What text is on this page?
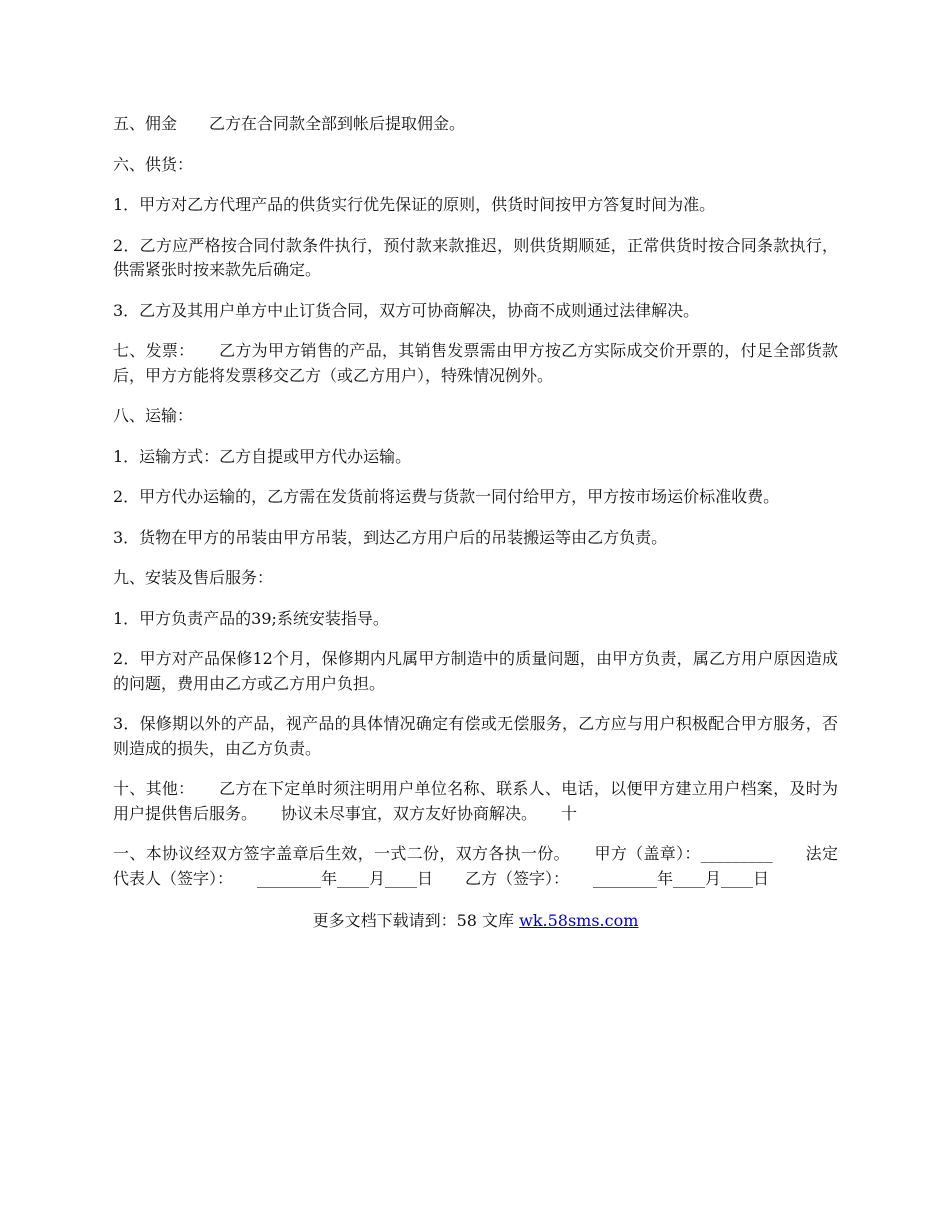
五、佣金　　乙方在合同款全部到帐后提取佣金。

六、供货：

1．甲方对乙方代理产品的供货实行优先保证的原则，供货时间按甲方答复时间为准。

2．乙方应严格按合同付款条件执行，预付款来款推迟，则供货期顺延，正常供货时按合同条款执行，供需紧张时按来款先后确定。

3．乙方及其用户单方中止订货合同，双方可协商解决，协商不成则通过法律解决。

七、发票：　　乙方为甲方销售的产品，其销售发票需由甲方按乙方实际成交价开票的，付足全部货款后，甲方方能将发票移交乙方（或乙方用户），特殊情况例外。

八、运输：

1．运输方式：乙方自提或甲方代办运输。

2．甲方代办运输的，乙方需在发货前将运费与货款一同付给甲方，甲方按市场运价标准收费。

3．货物在甲方的吊装由甲方吊装，到达乙方用户后的吊装搬运等由乙方负责。

九、安装及售后服务：

1．甲方负责产品的39;系统安装指导。

2．甲方对产品保修12个月，保修期内凡属甲方制造中的质量问题，由甲方负责，属乙方用户原因造成的问题，费用由乙方或乙方用户负担。

3．保修期以外的产品，视产品的具体情况确定有偿或无偿服务，乙方应与用户积极配合甲方服务，否则造成的损失，由乙方负责。

十、其他：　　乙方在下定单时须注明用户单位名称、联系人、电话，以便甲方建立用户档案，及时为用户提供售后服务。　　协议未尽事宜，双方友好协商解决。　　十

一、本协议经双方签字盖章后生效，一式二份，双方各执一份。　　甲方（盖章）：_________　　法定代表人（签字）：　　________年____月____日　　乙方（签字）：　　________年____月____日

更多文档下载请到：58 文库 wk.58sms.com
